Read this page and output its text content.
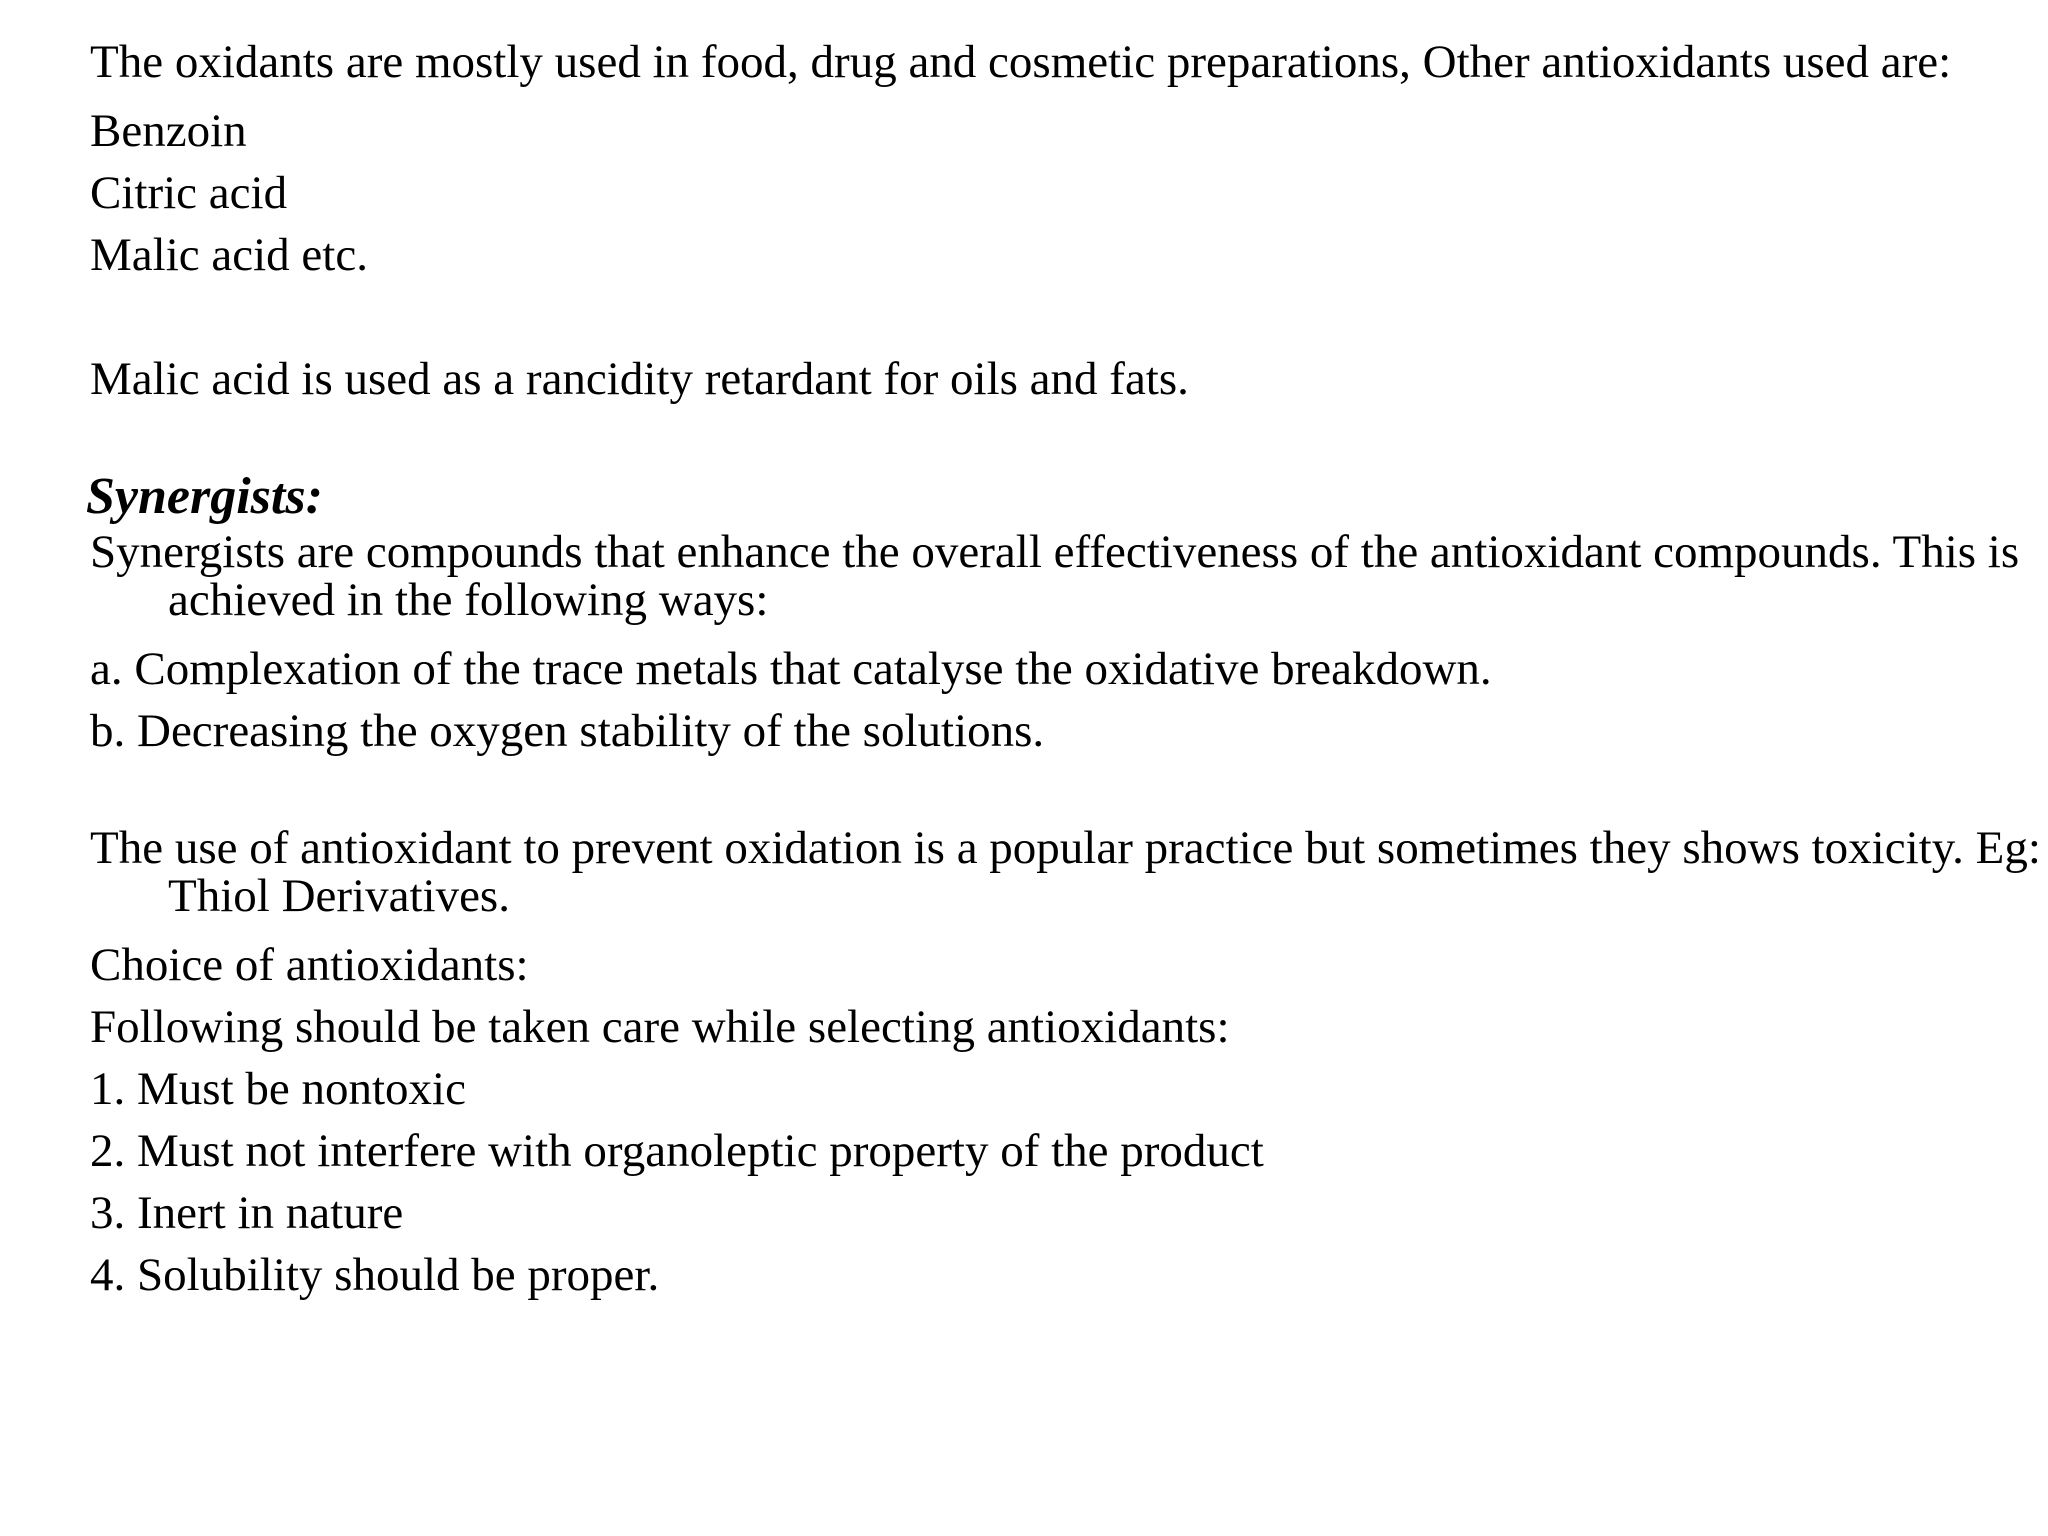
The oxidants are mostly used in food, drug and cosmetic preparations, Other antioxidants used are:

Benzoin

Citric acid

Malic acid etc.

Malic acid is used as a rancidity retardant for oils and fats.

Synergists:

Synergists are compounds that enhance the overall effectiveness of the antioxidant compounds. This is achieved in the following ways:

a. Complexation of the trace metals that catalyse the oxidative breakdown.

b. Decreasing the oxygen stability of the solutions.

The use of antioxidant to prevent oxidation is a popular practice but sometimes they shows toxicity. Eg: Thiol Derivatives.

Choice of antioxidants:

Following should be taken care while selecting antioxidants:

1. Must be nontoxic

2. Must not interfere with organoleptic property of the product

3. Inert in nature

4. Solubility should be proper.
